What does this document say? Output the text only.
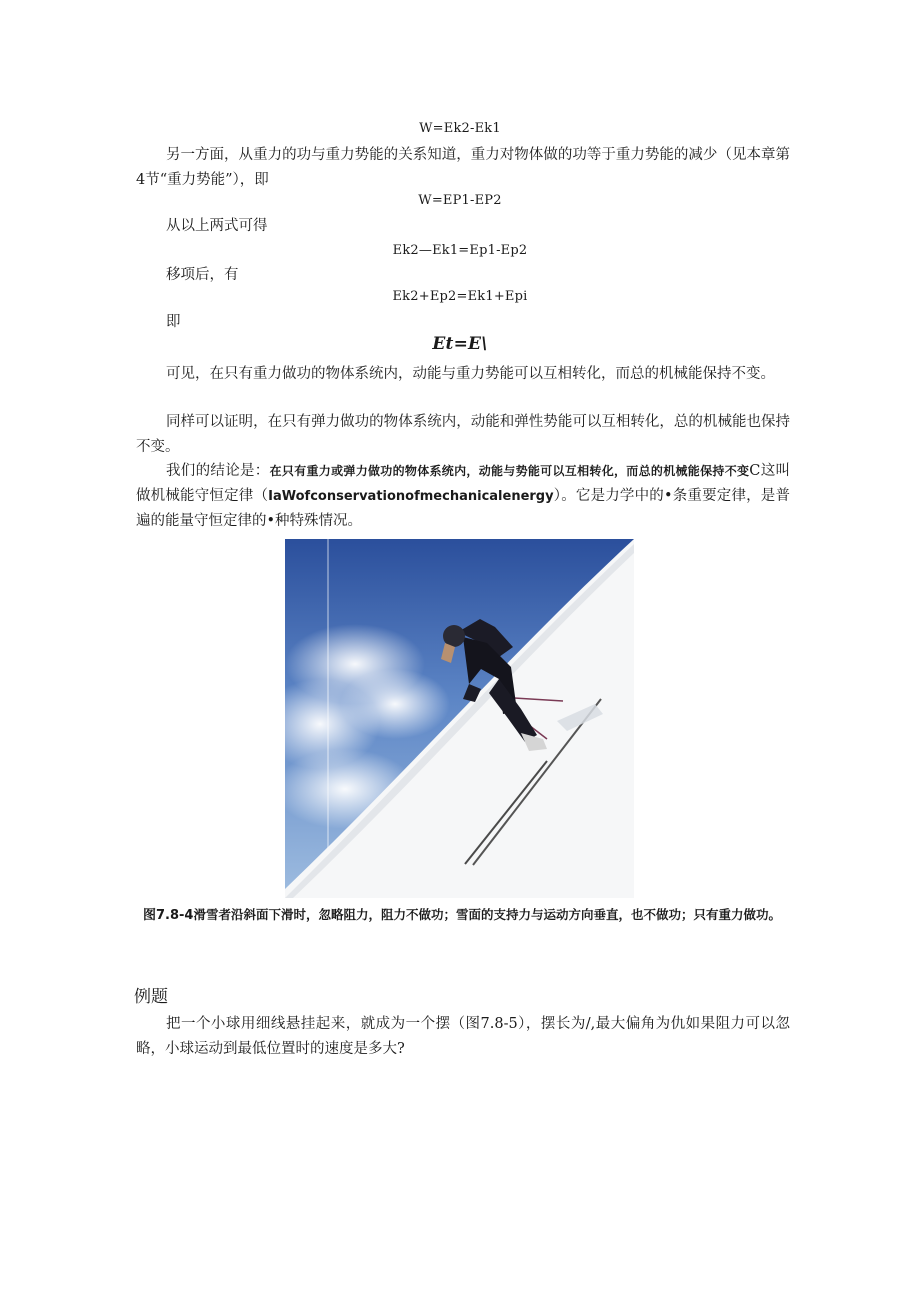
W=Ek2-Ek1
另一方面，从重力的功与重力势能的关系知道，重力对物体做的功等于重力势能的减少（见本章第4节“重力势能”），即
W=EP1-EP2
从以上两式可得
Ek2—Ek1=Ep1-Ep2
移项后，有
Ek2+Ep2=Ek1+Epi
即
Et=E\
可见，在只有重力做功的物体系统内，动能与重力势能可以互相转化，而总的机械能保持不变。
同样可以证明，在只有弹力做功的物体系统内，动能和弹性势能可以互相转化，总的机械能也保持不变。
我们的结论是：在只有重力或弹力做功的物体系统内，动能与势能可以互相转化，而总的机械能保持不变C这叫做机械能守恒定律（IaWofconservationofmechanicalenergy）。它是力学中的•条重要定律，是普遍的能量守恒定律的•种特殊情况。
图7.8-4滑雪者沿斜面下滑时，忽略阻力，阻力不做功；雪面的支持力与运动方向垂直，也不做功；只有重力做功。
例题
把一个小球用细线悬挂起来，就成为一个摆（图7.8-5），摆长为/,最大偏角为仇如果阻力可以忽略，小球运动到最低位置时的速度是多大?
